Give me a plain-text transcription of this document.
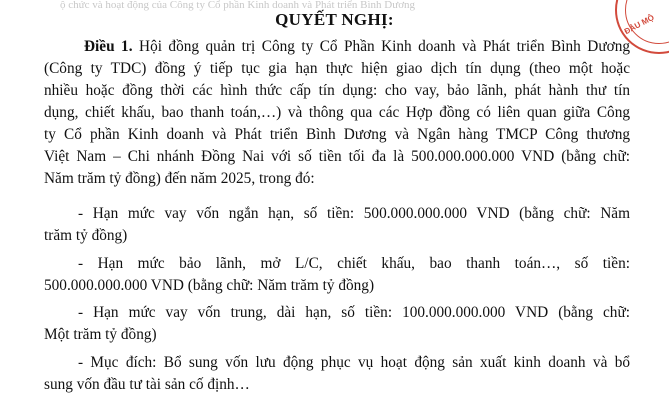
ộ chức và hoạt động của Công ty Cổ phần Kinh doanh và Phát triển Bình Dương
ĐẦU MỘ
QUYẾT NGHỊ:
Điều 1. Hội đồng quản trị Công ty Cổ Phần Kinh doanh và Phát triển Bình Dương
(Công ty TDC) đồng ý tiếp tục gia hạn thực hiện giao dịch tín dụng (theo một hoặc
nhiều hoặc đồng thời các hình thức cấp tín dụng: cho vay, bảo lãnh, phát hành thư tín
dụng, chiết khấu, bao thanh toán,…) và thông qua các Hợp đồng có liên quan giữa Công
ty Cổ phần Kinh doanh và Phát triển Bình Dương và Ngân hàng TMCP Công thương
Việt Nam – Chi nhánh Đồng Nai với số tiền tối đa là 500.000.000.000 VND (bằng chữ:
Năm trăm tỷ đồng) đến năm 2025, trong đó:
- Hạn mức vay vốn ngắn hạn, số tiền: 500.000.000.000 VND (bằng chữ: Năm
trăm tỷ đồng)
- Hạn mức bảo lãnh, mở L/C, chiết khấu, bao thanh toán…, số tiền:
500.000.000.000 VND (bằng chữ: Năm trăm tỷ đồng)
- Hạn mức vay vốn trung, dài hạn, số tiền: 100.000.000.000 VND (bằng chữ:
Một trăm tỷ đồng)
- Mục đích: Bổ sung vốn lưu động phục vụ hoạt động sản xuất kinh doanh và bổ
sung vốn đầu tư tài sản cố định…
